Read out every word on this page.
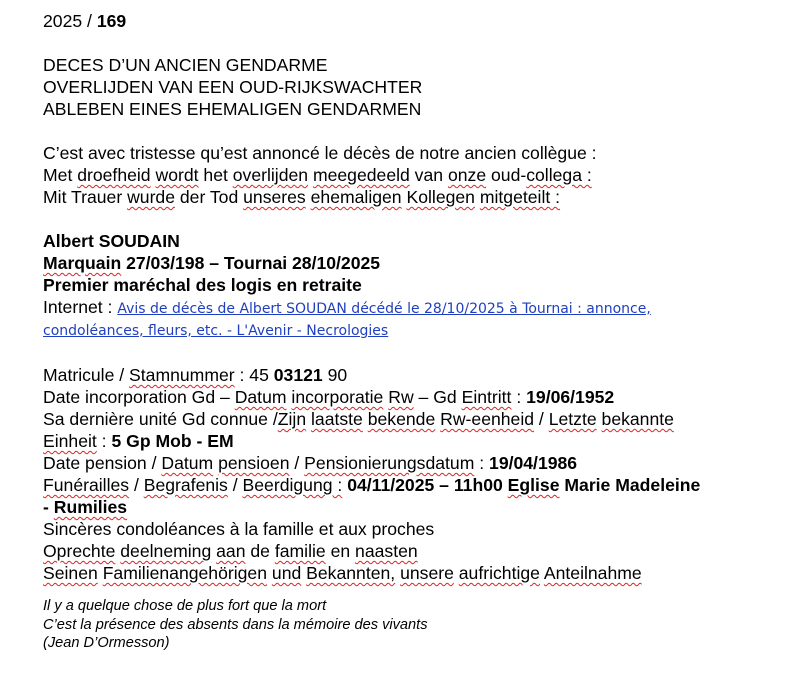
2025 / 169
DECES D’UN ANCIEN GENDARME
OVERLIJDEN VAN EEN OUD-RIJKSWACHTER
ABLEBEN EINES EHEMALIGEN GENDARMEN
C’est avec tristesse qu’est annoncé le décès de notre ancien collègue :
Met droefheid wordt het overlijden meegedeeld van onze oud-collega :
Mit Trauer wurde der Tod unseres ehemaligen Kollegen mitgeteilt :
Albert SOUDAIN
Marquain 27/03/198 – Tournai 28/10/2025
Premier maréchal des logis en retraite
Internet : Avis de décès de Albert SOUDAN décédé le 28/10/2025 à Tournai : annonce,
condoléances, fleurs, etc. - L'Avenir - Necrologies
Matricule / Stamnummer : 45 03121 90
Date incorporation Gd – Datum incorporatie Rw – Gd Eintritt : 19/06/1952
Sa dernière unité Gd connue /Zijn laatste bekende Rw-eenheid / Letzte bekannte
Einheit : 5 Gp Mob - EM
Date pension / Datum pensioen / Pensionierungsdatum : 19/04/1986
Funérailles / Begrafenis / Beerdigung : 04/11/2025 – 11h00 Eglise Marie Madeleine
- Rumilies
Sincères condoléances à la famille et aux proches
Oprechte deelneming aan de familie en naasten
Seinen Familienangehörigen und Bekannten, unsere aufrichtige Anteilnahme
Il y a quelque chose de plus fort que la mort
C’est la présence des absents dans la mémoire des vivants
(Jean D’Ormesson)
